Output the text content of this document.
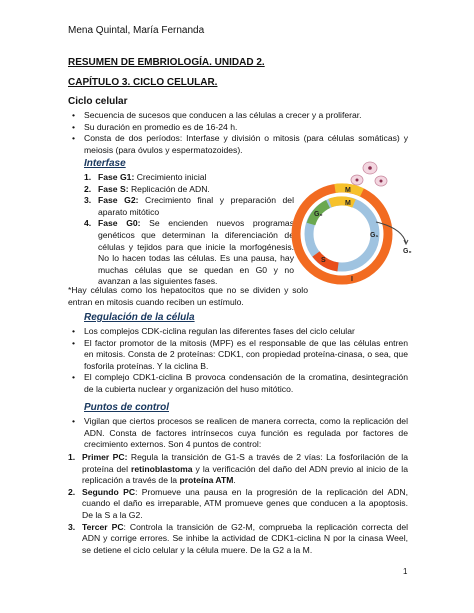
Mena Quintal, María Fernanda
RESUMEN DE EMBRIOLOGÍA. UNIDAD 2.
CAPÍTULO 3. CICLO CELULAR.
Ciclo celular
• Secuencia de sucesos que conducen a las células a crecer y a proliferar.
• Su duración en promedio es de 16-24 h.
• Consta de dos períodos: Interfase y división o mitosis (para células somáticas) y meiosis (para óvulos y espermatozoides).
Interfase
1. Fase G1: Crecimiento inicial
2. Fase S: Replicación de ADN.
3. Fase G2: Crecimiento final y preparación del aparato mitótico
4. Fase G0: Se encienden nuevos programas genéticos que determinan la diferenciación de células y tejidos para que inicie la morfogénesis. No lo hacen todas las células. Es una pausa, hay muchas células que se quedan en G0 y no avanzan a las siguientes fases.
*Hay células como los hepatocitos que no se dividen y solo entran en mitosis cuando reciben un estímulo.
M
M
G₀
G₁
S
I
G₀
Regulación de la célula
• Los complejos CDK-ciclina regulan las diferentes fases del ciclo celular
• El factor promotor de la mitosis (MPF) es el responsable de que las células entren en mitosis. Consta de 2 proteínas: CDK1, con propiedad proteína-cinasa, o sea, que fosforila proteínas. Y la ciclina B.
• El complejo CDK1-ciclina B provoca condensación de la cromatina, desintegración de la cubierta nuclear y organización del huso mitótico.
Puntos de control
• Vigilan que ciertos procesos se realicen de manera correcta, como la replicación del ADN. Consta de factores intrínsecos cuya función es regulada por factores de crecimiento externos. Son 4 puntos de control:
1. Primer PC: Regula la transición de G1-S a través de 2 vías: La fosforilación de la proteína del retinoblastoma y la verificación del daño del ADN previo al inicio de la replicación a través de la proteína ATM.
2. Segundo PC: Promueve una pausa en la progresión de la replicación del ADN, cuando el daño es irreparable, ATM promueve genes que conducen a la apoptosis. De la S a la G2.
3. Tercer PC: Controla la transición de G2-M, comprueba la replicación correcta del ADN y corrige errores. Se inhibe la actividad de CDK1-ciclina N por la cinasa Weel, se detiene el ciclo celular y la célula muere. De la G2 a la M.
1
